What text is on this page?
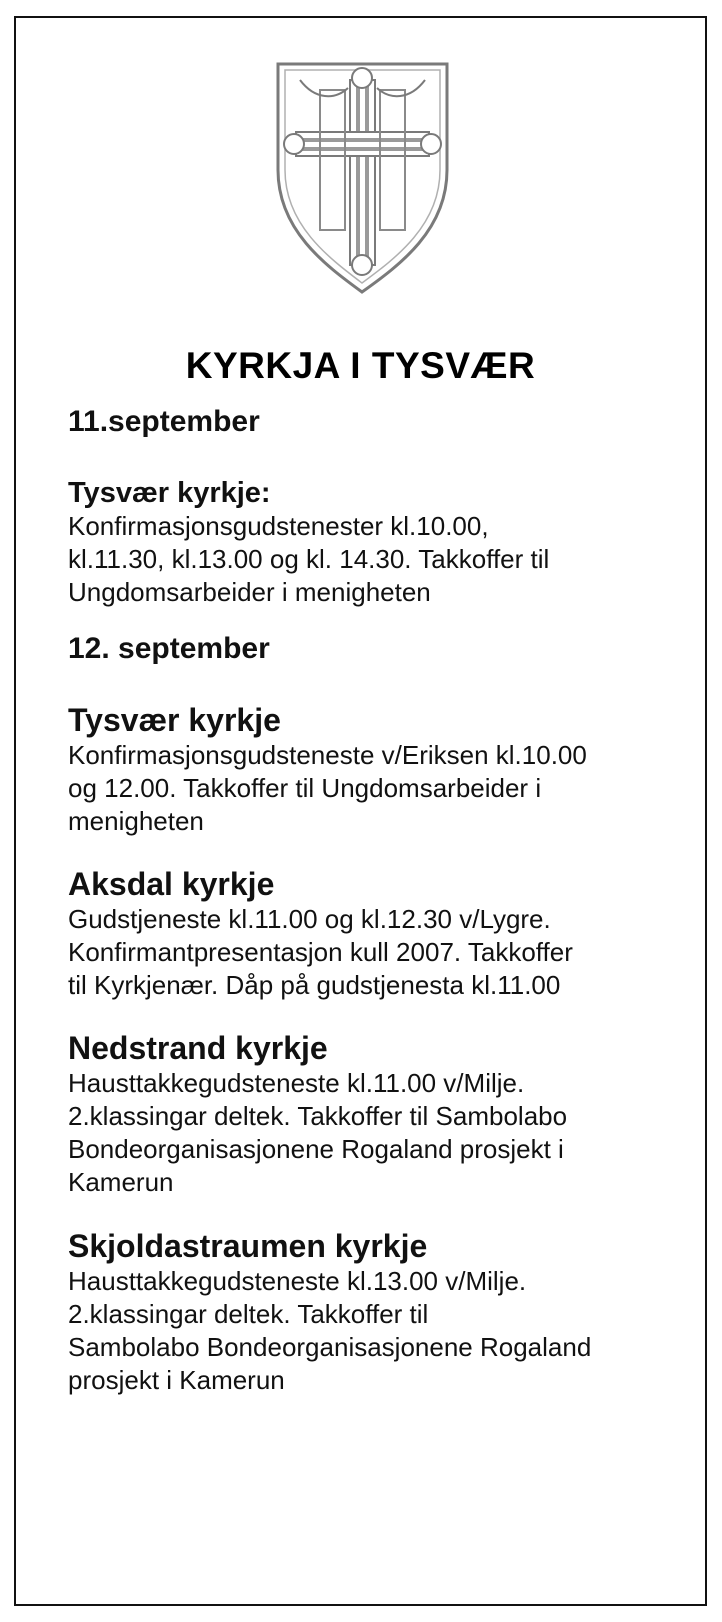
KYRKJA I TYSVÆR

11.september

Tysvær kyrkje:

Konfirmasjonsgudstenester kl.10.00,

kl.11.30, kl.13.00 og kl. 14.30. Takkoffer til

Ungdomsarbeider i menigheten

12. september

Tysvær kyrkje

Konfirmasjonsgudsteneste v/Eriksen kl.10.00

og 12.00. Takkoffer til Ungdomsarbeider i

menigheten

Aksdal kyrkje

Gudstjeneste kl.11.00 og kl.12.30 v/Lygre.

Konfirmantpresentasjon kull 2007. Takkoffer

til Kyrkjenær. Dåp på gudstjenesta kl.11.00

Nedstrand kyrkje

Hausttakkegudsteneste kl.11.00 v/Milje.

2.klassingar deltek. Takkoffer til Sambolabo

Bondeorganisasjonene Rogaland prosjekt i

Kamerun

Skjoldastraumen kyrkje

Hausttakkegudsteneste kl.13.00 v/Milje.

2.klassingar deltek. Takkoffer til

Sambolabo Bondeorganisasjonene Rogaland

prosjekt i Kamerun
